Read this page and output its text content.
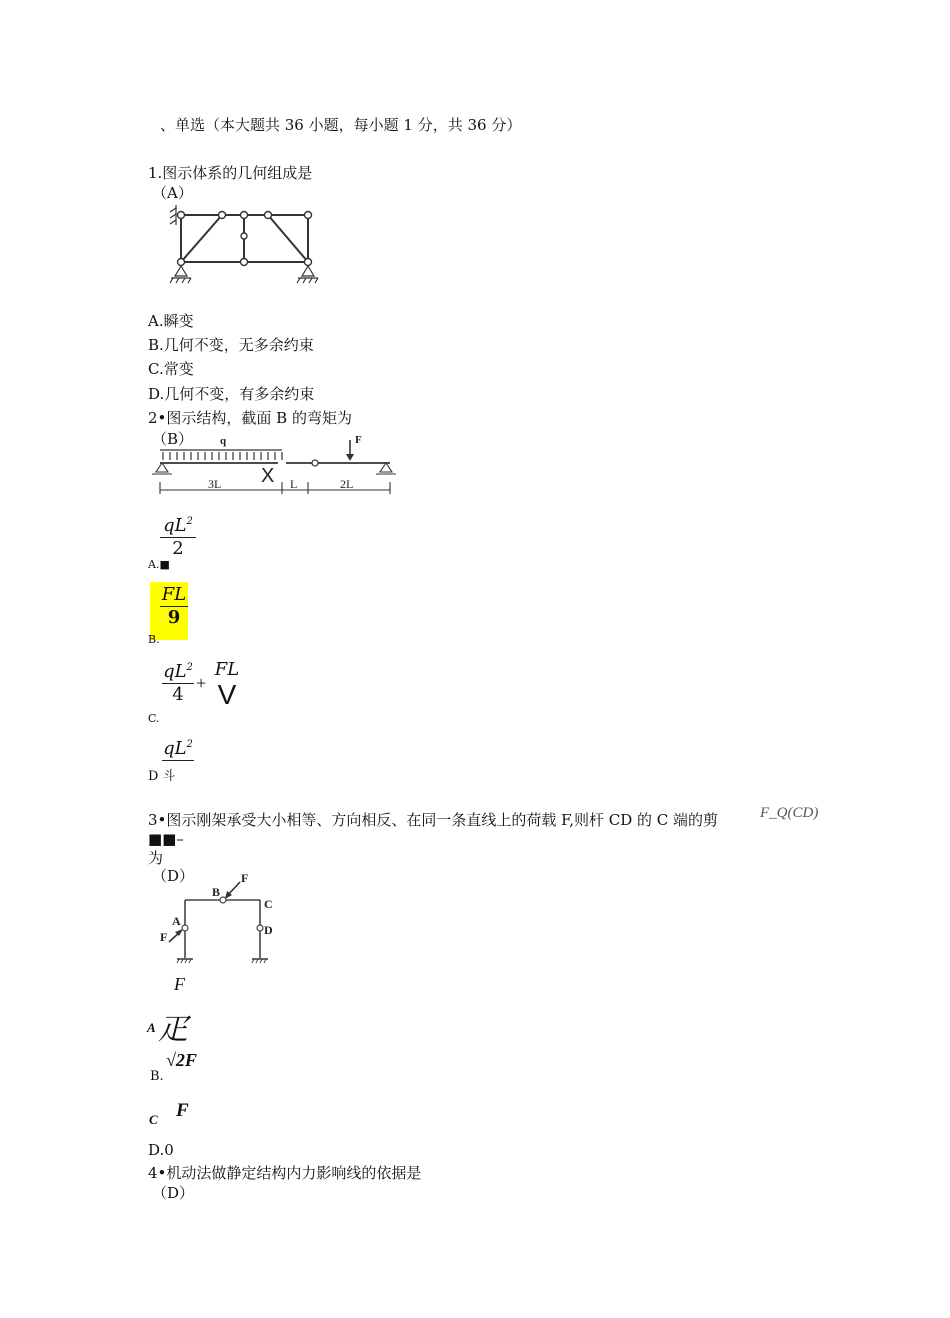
、单选（本大题共 36 小题，每小题 1 分，共 36 分）
1.图示体系的几何组成是
（A）
A.瞬变
B.几何不变，无多余约束
C.常变
D.几何不变，有多余约束
2•图示结构，截面 B 的弯矩为
（B） q	F
X
3L	L	2L
$qL^2$
2
A.■
FL
9
B.
$qL^2$
4
+
FL
V
C.
$qL^2$
D 斗
3•图示刚架承受大小相等、方向相反、在同一条直线上的荷载 F,则杆 CD 的 C 端的剪	F_Q(CD)
■■–
为
（D）
B
F
C
D
A
F
F
A 疋
B.
√2F
C F
D.0
4•机动法做静定结构内力影响线的依据是
（D）
